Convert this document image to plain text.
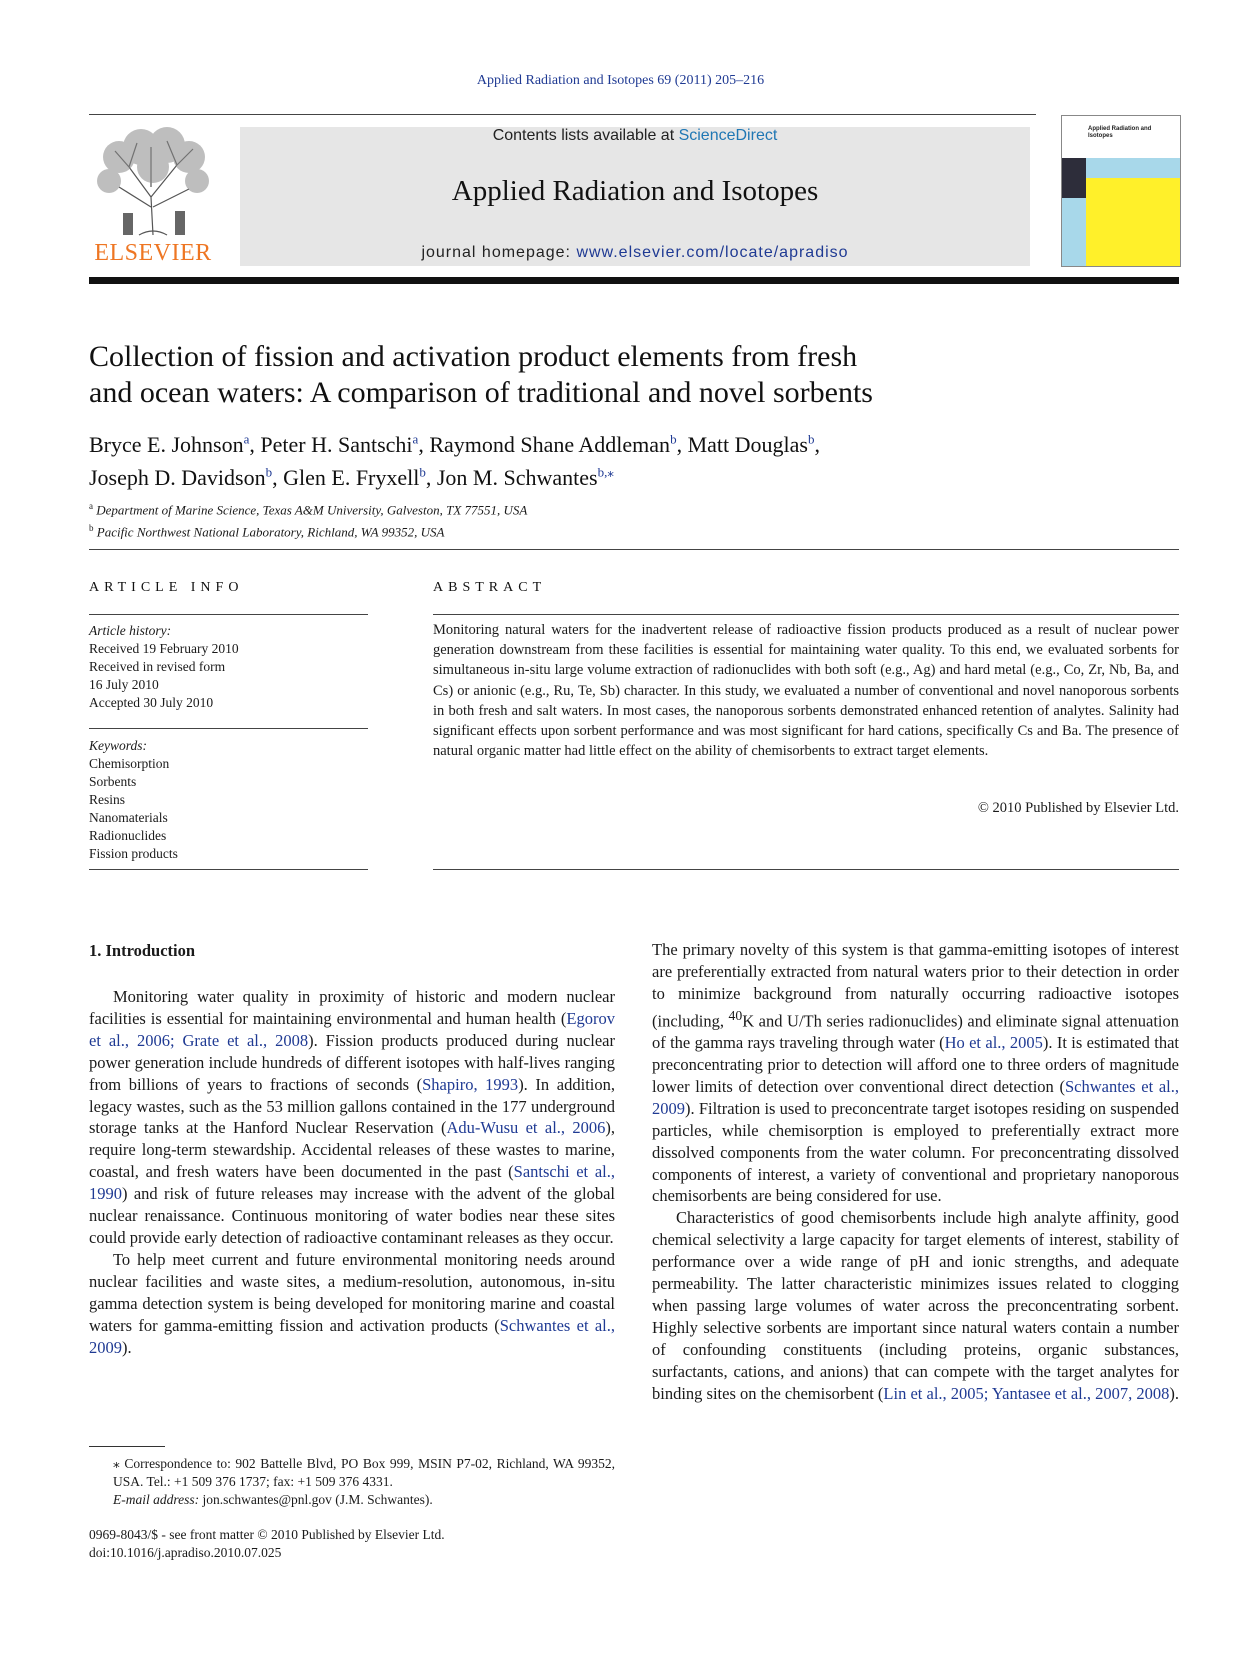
Applied Radiation and Isotopes 69 (2011) 205–216
ELSEVIER
Contents lists available at ScienceDirect
Applied Radiation and Isotopes
journal homepage: www.elsevier.com/locate/apradiso
Applied Radiation and Isotopes
Collection of fission and activation product elements from fresh
and ocean waters: A comparison of traditional and novel sorbents
Bryce E. Johnson$^a$, Peter H. Santschi$^a$, Raymond Shane Addleman$^b$, Matt Douglas$^b$,
Joseph D. Davidson$^b$, Glen E. Fryxell$^b$, Jon M. Schwantes$^{b,⁎}$
$^a$ Department of Marine Science, Texas A&M University, Galveston, TX 77551, USA
$^b$ Pacific Northwest National Laboratory, Richland, WA 99352, USA
ARTICLE INFO
Article history:
Received 19 February 2010
Received in revised form
16 July 2010
Accepted 30 July 2010
Keywords:
Chemisorption
Sorbents
Resins
Nanomaterials
Radionuclides
Fission products
ABSTRACT
Monitoring natural waters for the inadvertent release of radioactive fission products produced as a result of nuclear power generation downstream from these facilities is essential for maintaining water quality. To this end, we evaluated sorbents for simultaneous in-situ large volume extraction of radionuclides with both soft (e.g., Ag) and hard metal (e.g., Co, Zr, Nb, Ba, and Cs) or anionic (e.g., Ru, Te, Sb) character. In this study, we evaluated a number of conventional and novel nanoporous sorbents in both fresh and salt waters. In most cases, the nanoporous sorbents demonstrated enhanced retention of analytes. Salinity had significant effects upon sorbent performance and was most significant for hard cations, specifically Cs and Ba. The presence of natural organic matter had little effect on the ability of chemisorbents to extract target elements.
© 2010 Published by Elsevier Ltd.
1. Introduction

Monitoring water quality in proximity of historic and modern nuclear facilities is essential for maintaining environmental and human health (Egorov et al., 2006; Grate et al., 2008). Fission products produced during nuclear power generation include hundreds of different isotopes with half-lives ranging from billions of years to fractions of seconds (Shapiro, 1993). In addition, legacy wastes, such as the 53 million gallons contained in the 177 underground storage tanks at the Hanford Nuclear Reservation (Adu-Wusu et al., 2006), require long-term stewardship. Accidental releases of these wastes to marine, coastal, and fresh waters have been documented in the past (Santschi et al., 1990) and risk of future releases may increase with the advent of the global nuclear renaissance. Continuous monitoring of water bodies near these sites could provide early detection of radioactive contaminant releases as they occur.

To help meet current and future environmental monitoring needs around nuclear facilities and waste sites, a medium-resolution, autonomous, in-situ gamma detection system is being developed for monitoring marine and coastal waters for gamma-emitting fission and activation products (Schwantes et al., 2009).

The primary novelty of this system is that gamma-emitting isotopes of interest are preferentially extracted from natural waters prior to their detection in order to minimize background from naturally occurring radioactive isotopes (including, $^{40}$K and U/Th series radionuclides) and eliminate signal attenuation of the gamma rays traveling through water (Ho et al., 2005). It is estimated that preconcentrating prior to detection will afford one to three orders of magnitude lower limits of detection over conventional direct detection (Schwantes et al., 2009). Filtration is used to preconcentrate target isotopes residing on suspended particles, while chemisorption is employed to preferentially extract more dissolved components from the water column. For preconcentrating dissolved components of interest, a variety of conventional and proprietary nanoporous chemisorbents are being considered for use.

Characteristics of good chemisorbents include high analyte affinity, good chemical selectivity a large capacity for target elements of interest, stability of performance over a wide range of pH and ionic strengths, and adequate permeability. The latter characteristic minimizes issues related to clogging when passing large volumes of water across the preconcentrating sorbent. Highly selective sorbents are important since natural waters contain a number of confounding constituents (including proteins, organic substances, surfactants, cations, and anions) that can compete with the target analytes for binding sites on the chemisorbent (Lin et al., 2005; Yantasee et al., 2007, 2008).

⁎ Correspondence to: 902 Battelle Blvd, PO Box 999, MSIN P7-02, Richland, WA 99352, USA. Tel.: +1 509 376 1737; fax: +1 509 376 4331.
E-mail address: jon.schwantes@pnl.gov (J.M. Schwantes).
0969-8043/$ - see front matter © 2010 Published by Elsevier Ltd.
doi:10.1016/j.apradiso.2010.07.025
